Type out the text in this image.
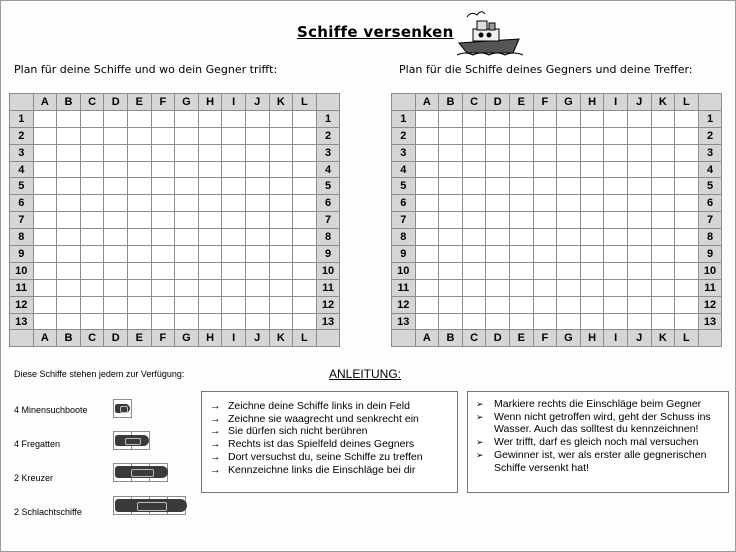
Schiffe versenken
Plan für deine Schiffe und wo dein Gegner trifft:	Plan für die Schiffe deines Gegners und deine Treffer:
	A	B	C	D	E	F	G	H	I	J	K	L	
1													1
2													2
3													3
4													4
5													5
6													6
7													7
8													8
9													9
10													10
11													11
12													12
13													13
	A	B	C	D	E	F	G	H	I	J	K	L	
	A	B	C	D	E	F	G	H	I	J	K	L	
1													1
2													2
3													3
4													4
5													5
6													6
7													7
8													8
9													9
10													10
11													11
12													12
13													13
	A	B	C	D	E	F	G	H	I	J	K	L	
Diese Schiffe stehen jedem zur Verfügung:	ANLEITUNG:
4 Minensuchboote
4 Fregatten
2 Kreuzer
2 Schlachtschiffe
→ Zeichne deine Schiffe links in dein Feld
→ Zeichne sie waagrecht und senkrecht ein
→ Sie dürfen sich nicht berühren
→ Rechts ist das Spielfeld deines Gegners
→ Dort versuchst du, seine Schiffe zu treffen
→ Kennzeichne links die Einschläge bei dir
➢ Markiere rechts die Einschläge beim Gegner
➢ Wenn nicht getroffen wird, geht der Schuss ins Wasser. Auch das solltest du kennzeichnen!
➢ Wer trifft, darf es gleich noch mal versuchen
➢ Gewinner ist, wer als erster alle gegnerischen Schiffe versenkt hat!
